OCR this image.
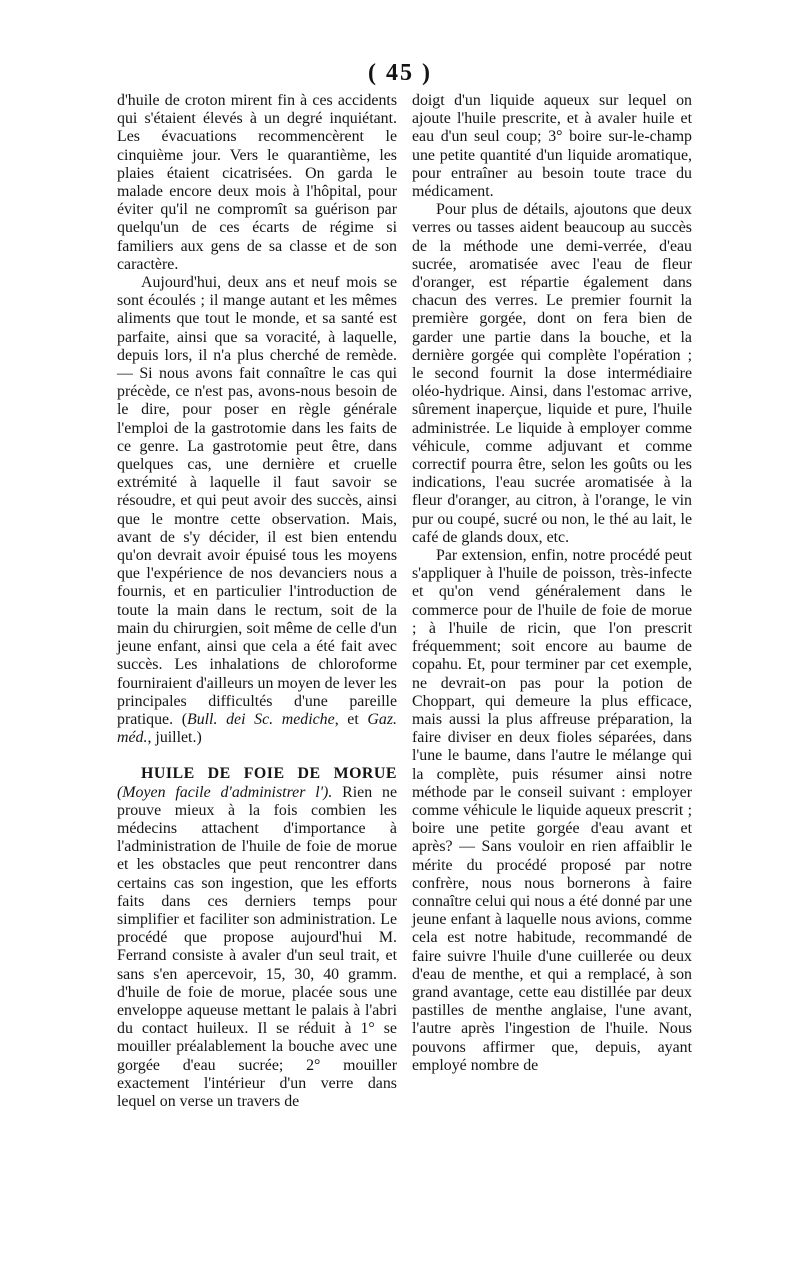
( 45 )

d'huile de croton mirent fin à ces accidents qui s'étaient élevés à un degré inquiétant. Les évacuations recommencèrent le cinquième jour. Vers le quarantième, les plaies étaient cicatrisées. On garda le malade encore deux mois à l'hôpital, pour éviter qu'il ne compromît sa guérison par quelqu'un de ces écarts de régime si familiers aux gens de sa classe et de son caractère.

Aujourd'hui, deux ans et neuf mois se sont écoulés ; il mange autant et les mêmes aliments que tout le monde, et sa santé est parfaite, ainsi que sa voracité, à laquelle, depuis lors, il n'a plus cherché de remède. — Si nous avons fait connaître le cas qui précède, ce n'est pas, avons-nous besoin de le dire, pour poser en règle générale l'emploi de la gastrotomie dans les faits de ce genre. La gastrotomie peut être, dans quelques cas, une dernière et cruelle extrémité à laquelle il faut savoir se résoudre, et qui peut avoir des succès, ainsi que le montre cette observation. Mais, avant de s'y décider, il est bien entendu qu'on devrait avoir épuisé tous les moyens que l'expérience de nos devanciers nous a fournis, et en particulier l'introduction de toute la main dans le rectum, soit de la main du chirurgien, soit même de celle d'un jeune enfant, ainsi que cela a été fait avec succès. Les inhalations de chloroforme fourniraient d'ailleurs un moyen de lever les principales difficultés d'une pareille pratique. (Bull. dei Sc. mediche, et Gaz. méd., juillet.)

HUILE DE FOIE DE MORUE (Moyen facile d'administrer l'). Rien ne prouve mieux à la fois combien les médecins attachent d'importance à l'administration de l'huile de foie de morue et les obstacles que peut rencontrer dans certains cas son ingestion, que les efforts faits dans ces derniers temps pour simplifier et faciliter son administration. Le procédé que propose aujourd'hui M. Ferrand consiste à avaler d'un seul trait, et sans s'en apercevoir, 15, 30, 40 gramm. d'huile de foie de morue, placée sous une enveloppe aqueuse mettant le palais à l'abri du contact huileux. Il se réduit à 1° se mouiller préalablement la bouche avec une gorgée d'eau sucrée; 2° mouiller exactement l'intérieur d'un verre dans lequel on verse un travers de

doigt d'un liquide aqueux sur lequel on ajoute l'huile prescrite, et à avaler huile et eau d'un seul coup; 3° boire sur-le-champ une petite quantité d'un liquide aromatique, pour entraîner au besoin toute trace du médicament.

Pour plus de détails, ajoutons que deux verres ou tasses aident beaucoup au succès de la méthode une demi-verrée, d'eau sucrée, aromatisée avec l'eau de fleur d'oranger, est répartie également dans chacun des verres. Le premier fournit la première gorgée, dont on fera bien de garder une partie dans la bouche, et la dernière gorgée qui complète l'opération ; le second fournit la dose intermédiaire oléo-hydrique. Ainsi, dans l'estomac arrive, sûrement inaperçue, liquide et pure, l'huile administrée. Le liquide à employer comme véhicule, comme adjuvant et comme correctif pourra être, selon les goûts ou les indications, l'eau sucrée aromatisée à la fleur d'oranger, au citron, à l'orange, le vin pur ou coupé, sucré ou non, le thé au lait, le café de glands doux, etc.

Par extension, enfin, notre procédé peut s'appliquer à l'huile de poisson, très-infecte et qu'on vend généralement dans le commerce pour de l'huile de foie de morue ; à l'huile de ricin, que l'on prescrit fréquemment; soit encore au baume de copahu. Et, pour terminer par cet exemple, ne devrait-on pas pour la potion de Choppart, qui demeure la plus efficace, mais aussi la plus affreuse préparation, la faire diviser en deux fioles séparées, dans l'une le baume, dans l'autre le mélange qui la complète, puis résumer ainsi notre méthode par le conseil suivant : employer comme véhicule le liquide aqueux prescrit ; boire une petite gorgée d'eau avant et après? — Sans vouloir en rien affaiblir le mérite du procédé proposé par notre confrère, nous nous bornerons à faire connaître celui qui nous a été donné par une jeune enfant à laquelle nous avions, comme cela est notre habitude, recommandé de faire suivre l'huile d'une cuillerée ou deux d'eau de menthe, et qui a remplacé, à son grand avantage, cette eau distillée par deux pastilles de menthe anglaise, l'une avant, l'autre après l'ingestion de l'huile. Nous pouvons affirmer que, depuis, ayant employé nombre de
